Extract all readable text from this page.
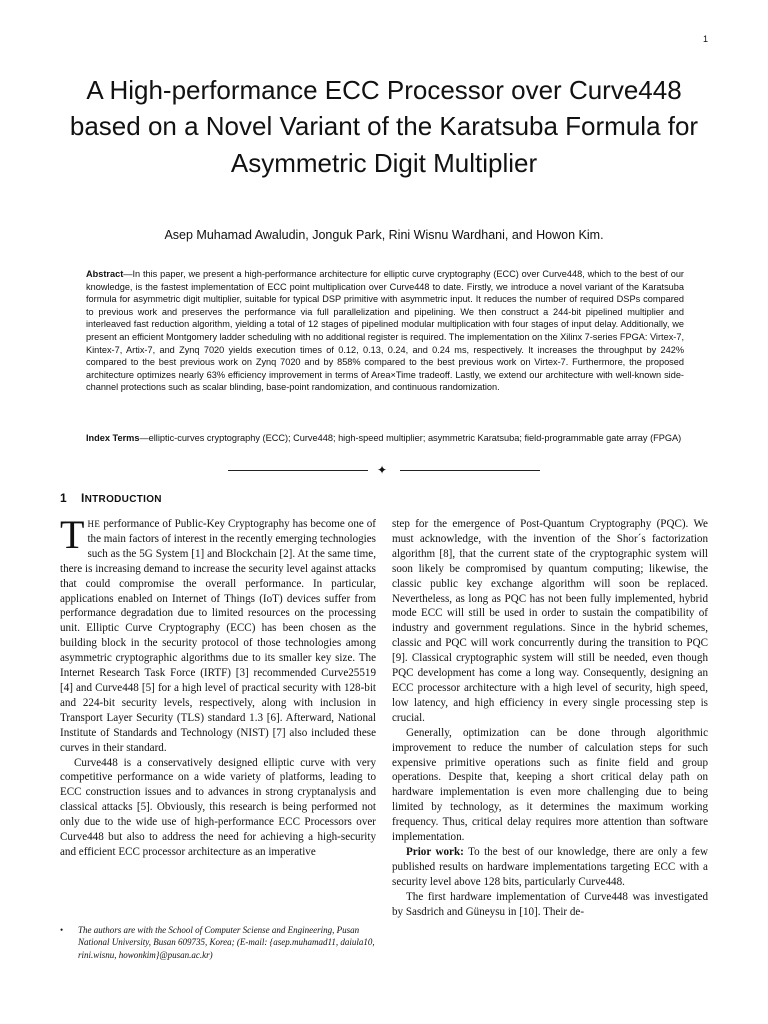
1
A High-performance ECC Processor over Curve448 based on a Novel Variant of the Karatsuba Formula for Asymmetric Digit Multiplier
Asep Muhamad Awaludin, Jonguk Park, Rini Wisnu Wardhani, and Howon Kim.
Abstract—In this paper, we present a high-performance architecture for elliptic curve cryptography (ECC) over Curve448, which to the best of our knowledge, is the fastest implementation of ECC point multiplication over Curve448 to date. Firstly, we introduce a novel variant of the Karatsuba formula for asymmetric digit multiplier, suitable for typical DSP primitive with asymmetric input. It reduces the number of required DSPs compared to previous work and preserves the performance via full parallelization and pipelining. We then construct a 244-bit pipelined multiplier and interleaved fast reduction algorithm, yielding a total of 12 stages of pipelined modular multiplication with four stages of input delay. Additionally, we present an efficient Montgomery ladder scheduling with no additional register is required. The implementation on the Xilinx 7-series FPGA: Virtex-7, Kintex-7, Artix-7, and Zynq 7020 yields execution times of 0.12, 0.13, 0.24, and 0.24 ms, respectively. It increases the throughput by 242% compared to the best previous work on Zynq 7020 and by 858% compared to the best previous work on Virtex-7. Furthermore, the proposed architecture optimizes nearly 63% efficiency improvement in terms of Area×Time tradeoff. Lastly, we extend our architecture with well-known side-channel protections such as scalar blinding, base-point randomization, and continuous randomization.
Index Terms—elliptic-curves cryptography (ECC); Curve448; high-speed multiplier; asymmetric Karatsuba; field-programmable gate array (FPGA)
✦
1 INTRODUCTION

THE performance of Public-Key Cryptography has become one of the main factors of interest in the recently emerging technologies such as the 5G System [1] and Blockchain [2]. At the same time, there is increasing demand to increase the security level against attacks that could compromise the overall performance. In particular, applications enabled on Internet of Things (IoT) devices suffer from performance degradation due to limited resources on the processing unit. Elliptic Curve Cryptography (ECC) has been chosen as the building block in the security protocol of those technologies among asymmetric cryptographic algorithms due to its smaller key size. The Internet Research Task Force (IRTF) [3] recommended Curve25519 [4] and Curve448 [5] for a high level of practical security with 128-bit and 224-bit security levels, respectively, along with inclusion in Transport Layer Security (TLS) standard 1.3 [6]. Afterward, National Institute of Standards and Technology (NIST) [7] also included these curves in their standard.

Curve448 is a conservatively designed elliptic curve with very competitive performance on a wide variety of platforms, leading to ECC construction issues and to advances in strong cryptanalysis and classical attacks [5]. Obviously, this research is being performed not only due to the wide use of high-performance ECC Processors over Curve448 but also to address the need for achieving a high-security and efficient ECC processor architecture as an imperative

step for the emergence of Post-Quantum Cryptography (PQC). We must acknowledge, with the invention of the Shor´s factorization algorithm [8], that the current state of the cryptographic system will soon likely be compromised by quantum computing; likewise, the classic public key exchange algorithm will soon be replaced. Nevertheless, as long as PQC has not been fully implemented, hybrid mode ECC will still be used in order to sustain the compatibility of industry and government regulations. Since in the hybrid schemes, classic and PQC will work concurrently during the transition to PQC [9]. Classical cryptographic system will still be needed, even though PQC development has come a long way. Consequently, designing an ECC processor architecture with a high level of security, high speed, low latency, and high efficiency in every single processing step is crucial.

Generally, optimization can be done through algorithmic improvement to reduce the number of calculation steps for such expensive primitive operations such as finite field and group operations. Despite that, keeping a short critical delay path on hardware implementation is even more challenging due to being limited by technology, as it determines the maximum working frequency. Thus, critical delay requires more attention than software implementation.

Prior work: To the best of our knowledge, there are only a few published results on hardware implementations targeting ECC with a security level above 128 bits, particularly Curve448.

The first hardware implementation of Curve448 was investigated by Sasdrich and Güneysu in [10]. Their de-

• The authors are with the School of Computer Sciense and Engineering, Pusan National University, Busan 609735, Korea; (E-mail: {asep.muhamad11, daiula10, rini.wisnu, howonkim}@pusan.ac.kr)
